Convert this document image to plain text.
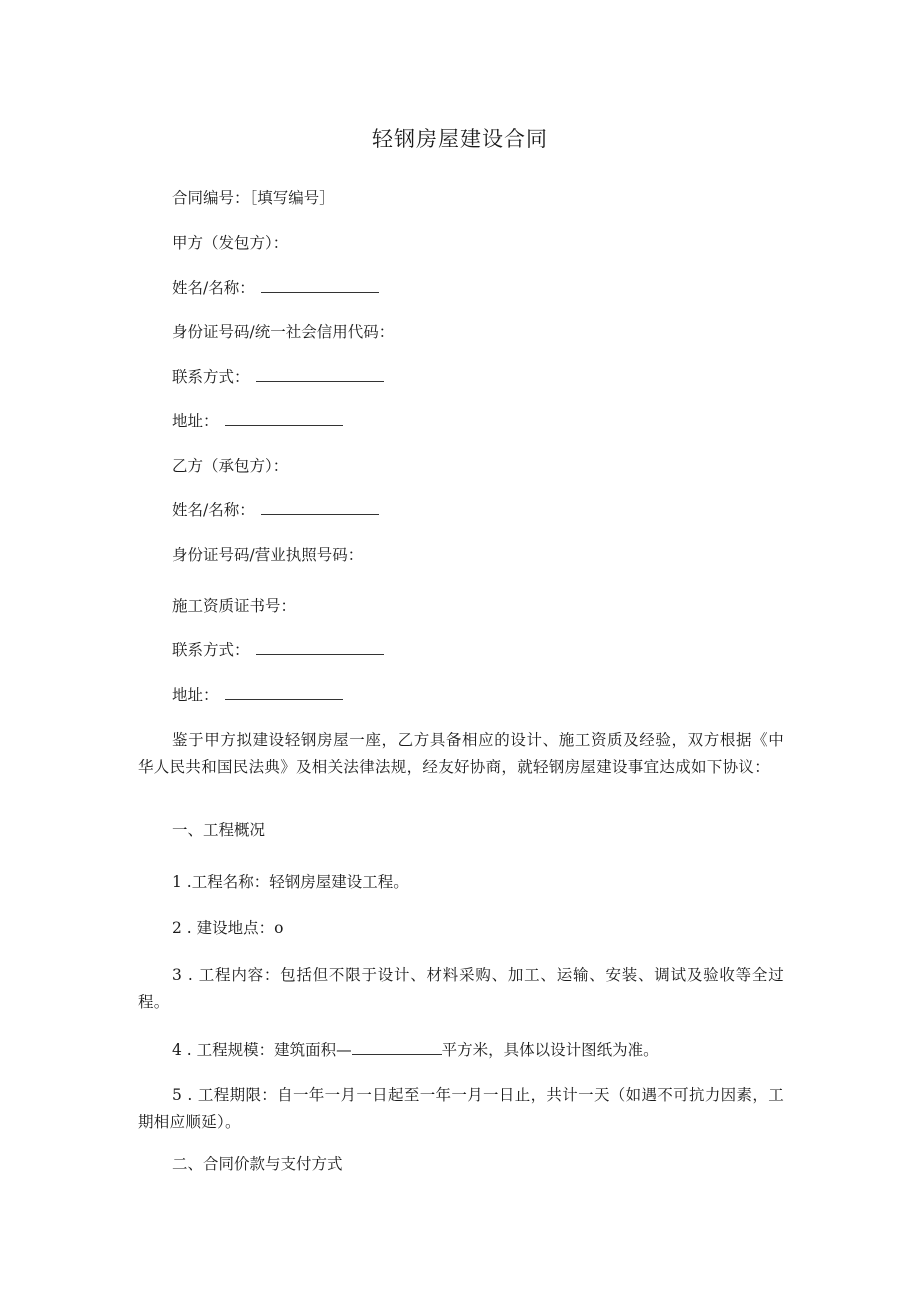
轻钢房屋建设合同
合同编号：［填写编号］
甲方（发包方）：
姓名/名称：
身份证号码/统一社会信用代码：
联系方式：
地址：
乙方（承包方）：
姓名/名称：
身份证号码/营业执照号码：
施工资质证书号：
联系方式：
地址：
鉴于甲方拟建设轻钢房屋一座，乙方具备相应的设计、施工资质及经验，双方根据《中华人民共和国民法典》及相关法律法规，经友好协商，就轻钢房屋建设事宜达成如下协议：
一、工程概况
1 .工程名称：轻钢房屋建设工程。
2 . 建设地点：o
3 . 工程内容：包括但不限于设计、材料采购、加工、运输、安装、调试及验收等全过程。
4 . 工程规模：建筑面积—	平方米，具体以设计图纸为准。
5 . 工程期限：自一年一月一日起至一年一月一日止，共计一天（如遇不可抗力因素，工期相应顺延）。
二、合同价款与支付方式
